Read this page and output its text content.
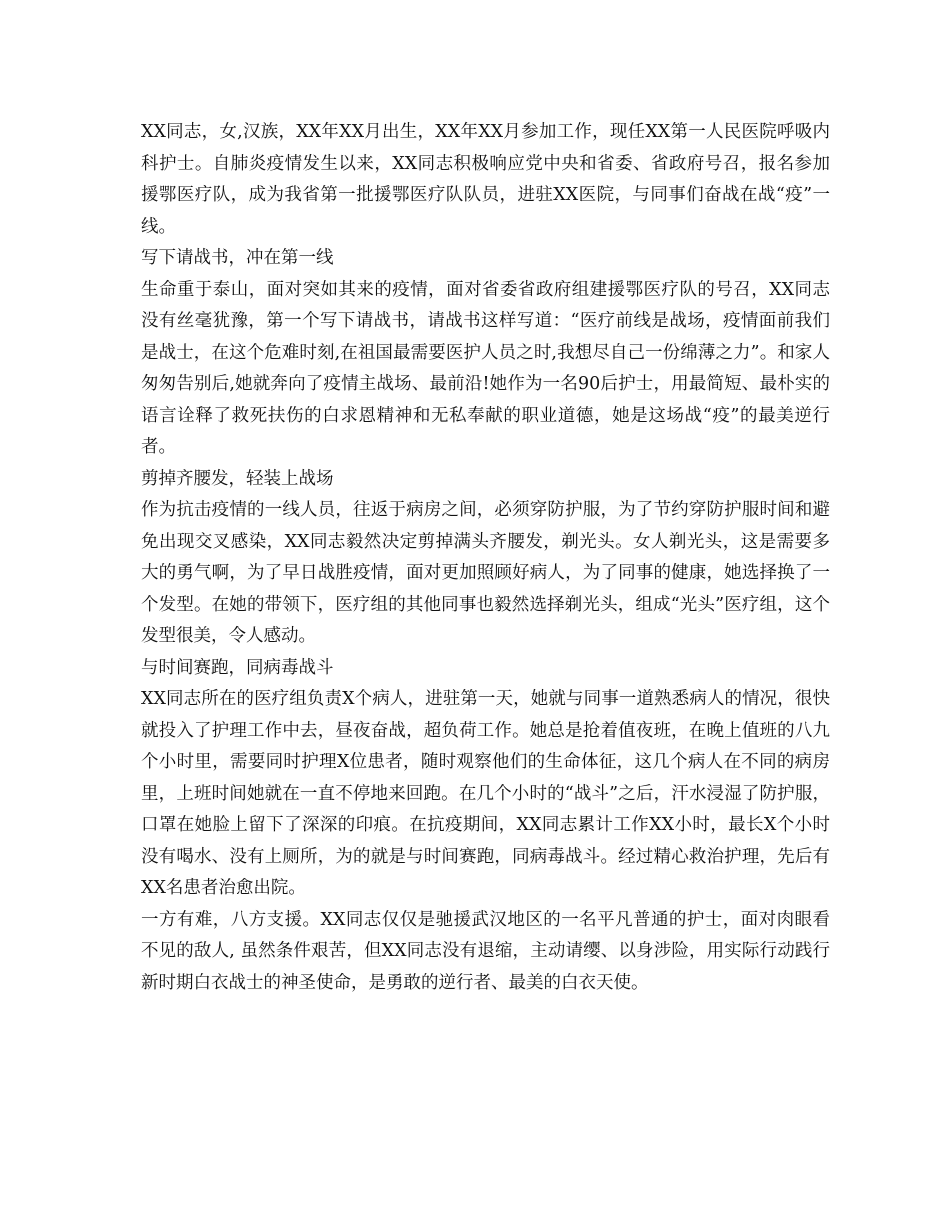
XX同志，女,汉族，XX年XX月出生，XX年XX月参加工作，现任XX第一人民医院呼吸内科护士。自肺炎疫情发生以来，XX同志积极响应党中央和省委、省政府号召，报名参加援鄂医疗队，成为我省第一批援鄂医疗队队员，进驻XX医院，与同事们奋战在战“疫”一线。

写下请战书，冲在第一线

生命重于泰山，面对突如其来的疫情，面对省委省政府组建援鄂医疗队的号召，XX同志没有丝毫犹豫，第一个写下请战书，请战书这样写道：“医疗前线是战场，疫情面前我们是战士，在这个危难时刻,在祖国最需要医护人员之时,我想尽自己一份绵薄之力”。和家人匆匆告别后,她就奔向了疫情主战场、最前沿!她作为一名90后护士，用最简短、最朴实的语言诠释了救死扶伤的白求恩精神和无私奉献的职业道德，她是这场战“疫”的最美逆行者。

剪掉齐腰发，轻装上战场

作为抗击疫情的一线人员，往返于病房之间，必须穿防护服，为了节约穿防护服时间和避免出现交叉感染，XX同志毅然决定剪掉满头齐腰发，剃光头。女人剃光头，这是需要多大的勇气啊，为了早日战胜疫情，面对更加照顾好病人，为了同事的健康，她选择换了一个发型。在她的带领下，医疗组的其他同事也毅然选择剃光头，组成“光头”医疗组，这个发型很美，令人感动。

与时间赛跑，同病毒战斗

XX同志所在的医疗组负责X个病人，进驻第一天，她就与同事一道熟悉病人的情况，很快就投入了护理工作中去，昼夜奋战，超负荷工作。她总是抢着值夜班，在晚上值班的八九个小时里，需要同时护理X位患者，随时观察他们的生命体征，这几个病人在不同的病房里，上班时间她就在一直不停地来回跑。在几个小时的“战斗”之后，汗水浸湿了防护服，口罩在她脸上留下了深深的印痕。在抗疫期间，XX同志累计工作XX小时，最长X个小时没有喝水、没有上厕所，为的就是与时间赛跑，同病毒战斗。经过精心救治护理，先后有XX名患者治愈出院。

一方有难，八方支援。XX同志仅仅是驰援武汉地区的一名平凡普通的护士，面对肉眼看不见的敌人, 虽然条件艰苦，但XX同志没有退缩，主动请缨、以身涉险，用实际行动践行新时期白衣战士的神圣使命，是勇敢的逆行者、最美的白衣天使。
